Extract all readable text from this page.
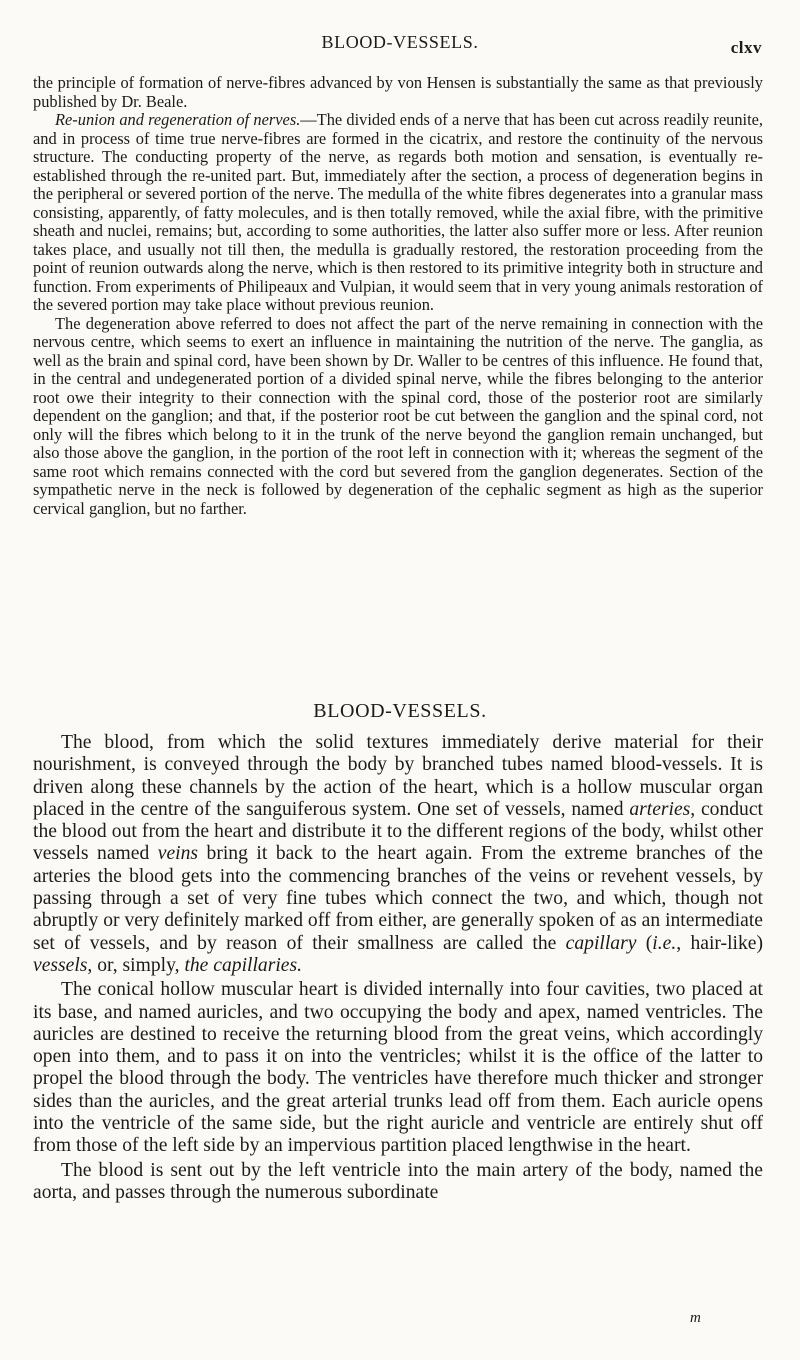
BLOOD-VESSELS.	clxv

the principle of formation of nerve-fibres advanced by von Hensen is substantially the same as that previously published by Dr. Beale.

Re-union and regeneration of nerves.—The divided ends of a nerve that has been cut across readily reunite, and in process of time true nerve-fibres are formed in the cicatrix, and restore the continuity of the nervous structure. The conducting property of the nerve, as regards both motion and sensation, is eventually re-established through the re-united part. But, immediately after the section, a process of degeneration begins in the peripheral or severed portion of the nerve. The medulla of the white fibres degenerates into a granular mass consisting, apparently, of fatty molecules, and is then totally removed, while the axial fibre, with the primitive sheath and nuclei, remains; but, according to some authorities, the latter also suffer more or less. After reunion takes place, and usually not till then, the medulla is gradually restored, the restoration proceeding from the point of reunion outwards along the nerve, which is then restored to its primitive integrity both in structure and function. From experiments of Philipeaux and Vulpian, it would seem that in very young animals restoration of the severed portion may take place without previous reunion.

The degeneration above referred to does not affect the part of the nerve remaining in connection with the nervous centre, which seems to exert an influence in maintaining the nutrition of the nerve. The ganglia, as well as the brain and spinal cord, have been shown by Dr. Waller to be centres of this influence. He found that, in the central and undegenerated portion of a divided spinal nerve, while the fibres belonging to the anterior root owe their integrity to their connection with the spinal cord, those of the posterior root are similarly dependent on the ganglion; and that, if the posterior root be cut between the ganglion and the spinal cord, not only will the fibres which belong to it in the trunk of the nerve beyond the ganglion remain unchanged, but also those above the ganglion, in the portion of the root left in connection with it; whereas the segment of the same root which remains connected with the cord but severed from the ganglion degenerates. Section of the sympathetic nerve in the neck is followed by degeneration of the cephalic segment as high as the superior cervical ganglion, but no farther.

BLOOD-VESSELS.

The blood, from which the solid textures immediately derive material for their nourishment, is conveyed through the body by branched tubes named blood-vessels. It is driven along these channels by the action of the heart, which is a hollow muscular organ placed in the centre of the sanguiferous system. One set of vessels, named arteries, conduct the blood out from the heart and distribute it to the different regions of the body, whilst other vessels named veins bring it back to the heart again. From the extreme branches of the arteries the blood gets into the commencing branches of the veins or revehent vessels, by passing through a set of very fine tubes which connect the two, and which, though not abruptly or very definitely marked off from either, are generally spoken of as an intermediate set of vessels, and by reason of their smallness are called the capillary (i.e., hair-like) vessels, or, simply, the capillaries.

The conical hollow muscular heart is divided internally into four cavities, two placed at its base, and named auricles, and two occupying the body and apex, named ventricles. The auricles are destined to receive the returning blood from the great veins, which accordingly open into them, and to pass it on into the ventricles; whilst it is the office of the latter to propel the blood through the body. The ventricles have therefore much thicker and stronger sides than the auricles, and the great arterial trunks lead off from them. Each auricle opens into the ventricle of the same side, but the right auricle and ventricle are entirely shut off from those of the left side by an impervious partition placed lengthwise in the heart.

The blood is sent out by the left ventricle into the main artery of the body, named the aorta, and passes through the numerous subordinate

m
